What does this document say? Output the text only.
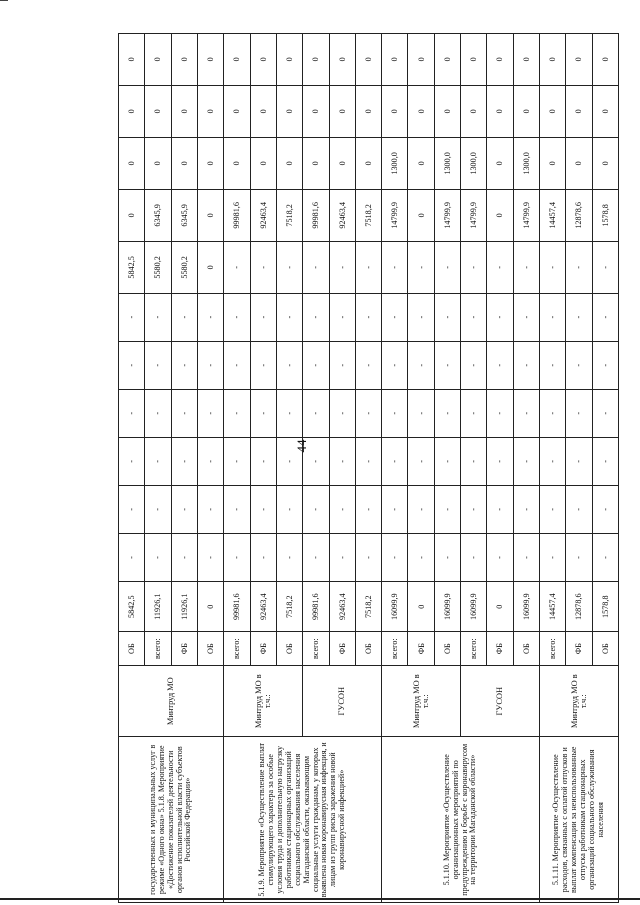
44
государственных и муниципальных услуг в режиме «Одного окна» 5.1.8. Мероприятие «Достижение показателей деятельности органов исполнительной власти субъектов Российской Федерации»	Минтруд МО	ОБ	5842,5	-	-	-	-	-	-	5842,5	0	0	0	0
		всего:	11926,1	-	-	-	-	-	-	5580,2	6345,9	0	0	0
		ФБ	11926,1	-	-	-	-	-	-	5580,2	6345,9	0	0	0
		ОБ	0	-	-	-	-	-	-	0	0	0	0	0
5.1.9. Мероприятие «Осуществление выплат стимулирующего характера за особые условия труда и дополнительную нагрузку работникам стационарных организаций социального обслуживания населения Магаданской области, оказывающим социальные услуги гражданам, у которых выявлена новая коронавирусная инфекция, и лицам из групп риска заражения новой коронавирусной инфекцией»	Минтруд МО в т.ч.:	всего:	99981,6	-	-	-	-	-	-	-	99981,6	0	0	0
		ФБ	92463,4	-	-	-	-	-	-	-	92463,4	0	0	0
		ОБ	7518,2	-	-	-	-	-	-	-	7518,2	0	0	0
	ГУСОН	всего:	99981,6	-	-	-	-	-	-	-	99981,6	0	0	0
		ФБ	92463,4	-	-	-	-	-	-	-	92463,4	0	0	0
		ОБ	7518,2	-	-	-	-	-	-	-	7518,2	0	0	0
5.1.10. Мероприятие «Осуществление организационных мероприятий по предупреждению и борьбе с коронавирусом на территории Магаданской области»	Минтруд МО в т.ч.:	всего:	16099,9	-	-	-	-	-	-	-	14799,9	1300,0	0	0
		ФБ	0	-	-	-	-	-	-	-	0	0	0	0
		ОБ	16099,9	-	-	-	-	-	-	-	14799,9	1300,0	0	0
	ГУСОН	всего:	16099,9	-	-	-	-	-	-	-	14799,9	1300,0	0	0
		ФБ	0	-	-	-	-	-	-	-	0	0	0	0
		ОБ	16099,9	-	-	-	-	-	-	-	14799,9	1300,0	0	0
5.1.11. Мероприятие «Осуществление расходов, связанных с оплатой отпусков и выплат компенсации за неиспользованные отпуска работникам стационарных организаций социального обслуживания населения	Минтруд МО в т.ч.:	всего:	14457,4	-	-	-	-	-	-	-	14457,4	0	0	0
		ФБ	12878,6	-	-	-	-	-	-	-	12878,6	0	0	0
		ОБ	1578,8	-	-	-	-	-	-	-	1578,8	0	0	0
